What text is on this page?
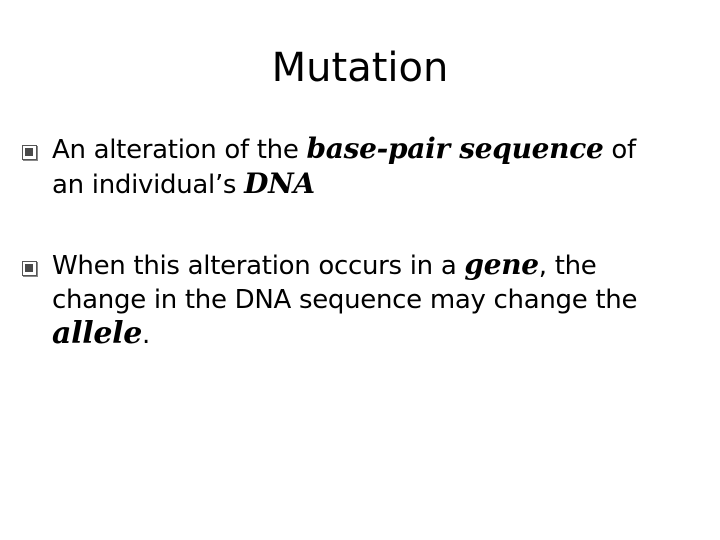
Mutation
An alteration of the base-pair sequence of
an individual’s DNA
When this alteration occurs in a gene, the
change in the DNA sequence may change the
allele.
